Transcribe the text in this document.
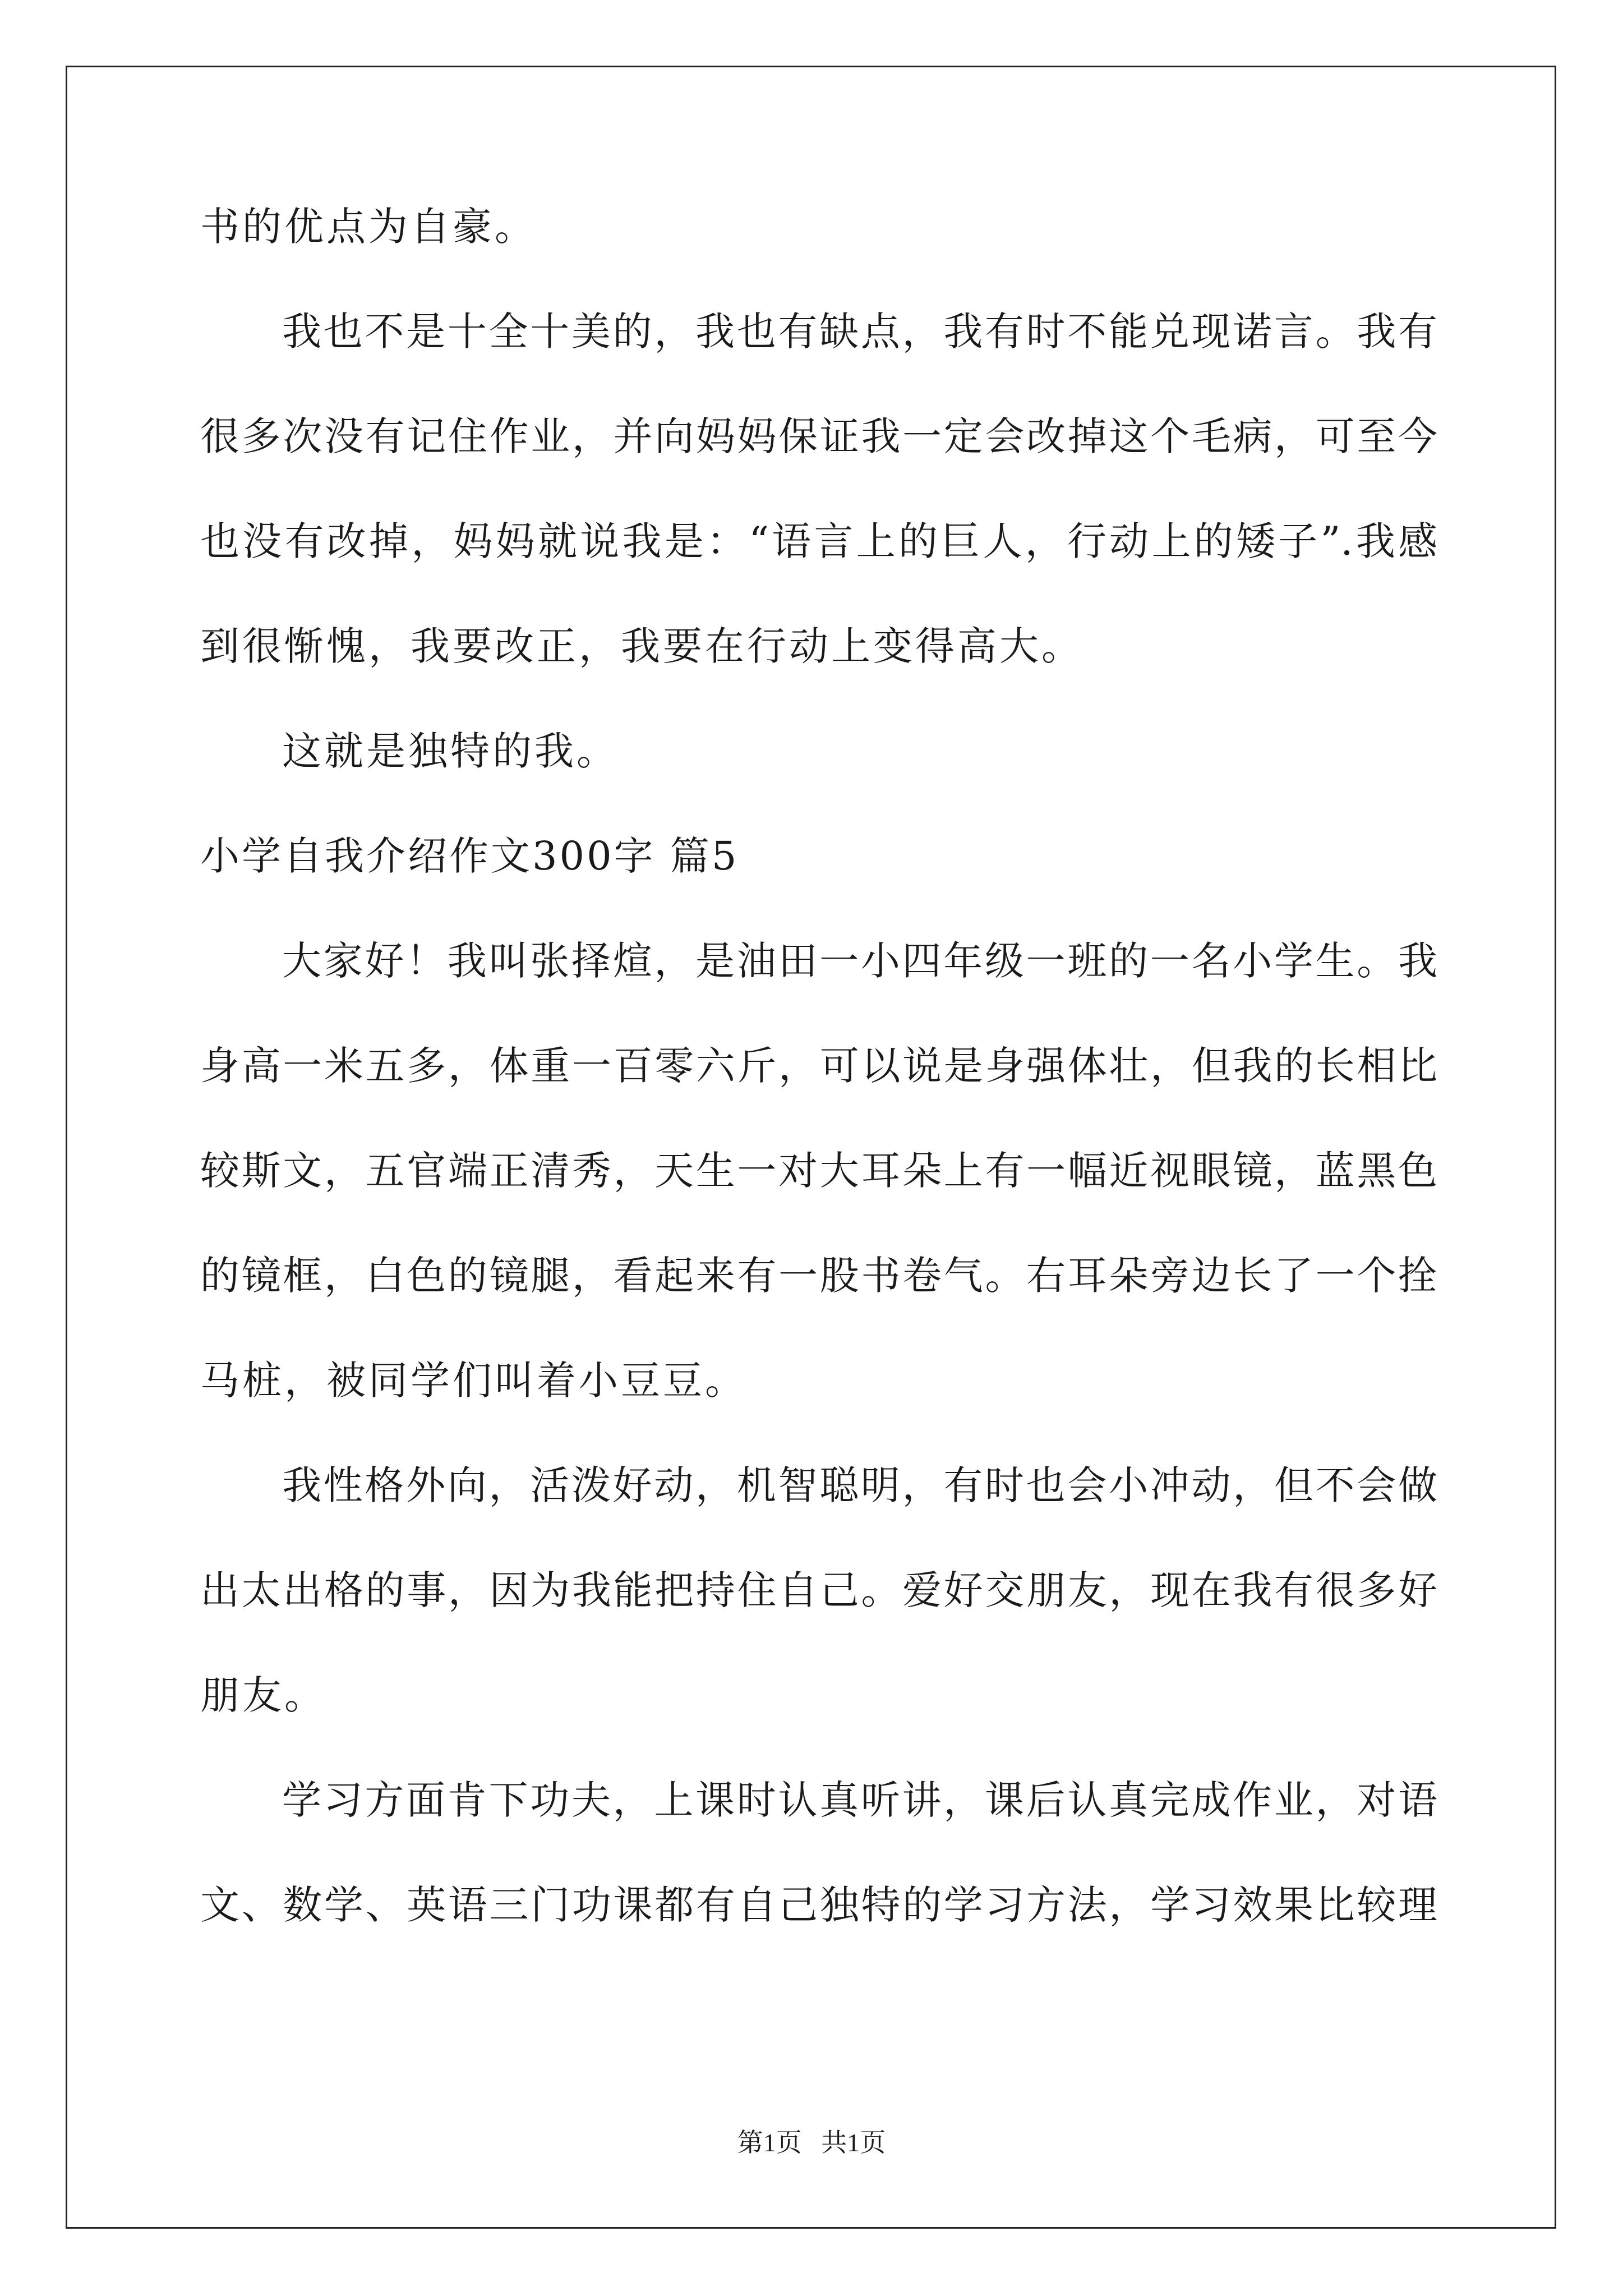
书的优点为自豪。
我也不是十全十美的，我也有缺点，我有时不能兑现诺言。我有
很多次没有记住作业，并向妈妈保证我一定会改掉这个毛病，可至今
也没有改掉，妈妈就说我是：“语言上的巨人，行动上的矮子”.我感
到很惭愧，我要改正，我要在行动上变得高大。
这就是独特的我。
小学自我介绍作文300字 篇5
大家好！我叫张择煊，是油田一小四年级一班的一名小学生。我
身高一米五多，体重一百零六斤，可以说是身强体壮，但我的长相比
较斯文，五官端正清秀，天生一对大耳朵上有一幅近视眼镜，蓝黑色
的镜框，白色的镜腿，看起来有一股书卷气。右耳朵旁边长了一个拴
马桩，被同学们叫着小豆豆。
我性格外向，活泼好动，机智聪明，有时也会小冲动，但不会做
出太出格的事，因为我能把持住自己。爱好交朋友，现在我有很多好
朋友。
学习方面肯下功夫，上课时认真听讲，课后认真完成作业，对语
文、数学、英语三门功课都有自己独特的学习方法，学习效果比较理
第1页   共1页
